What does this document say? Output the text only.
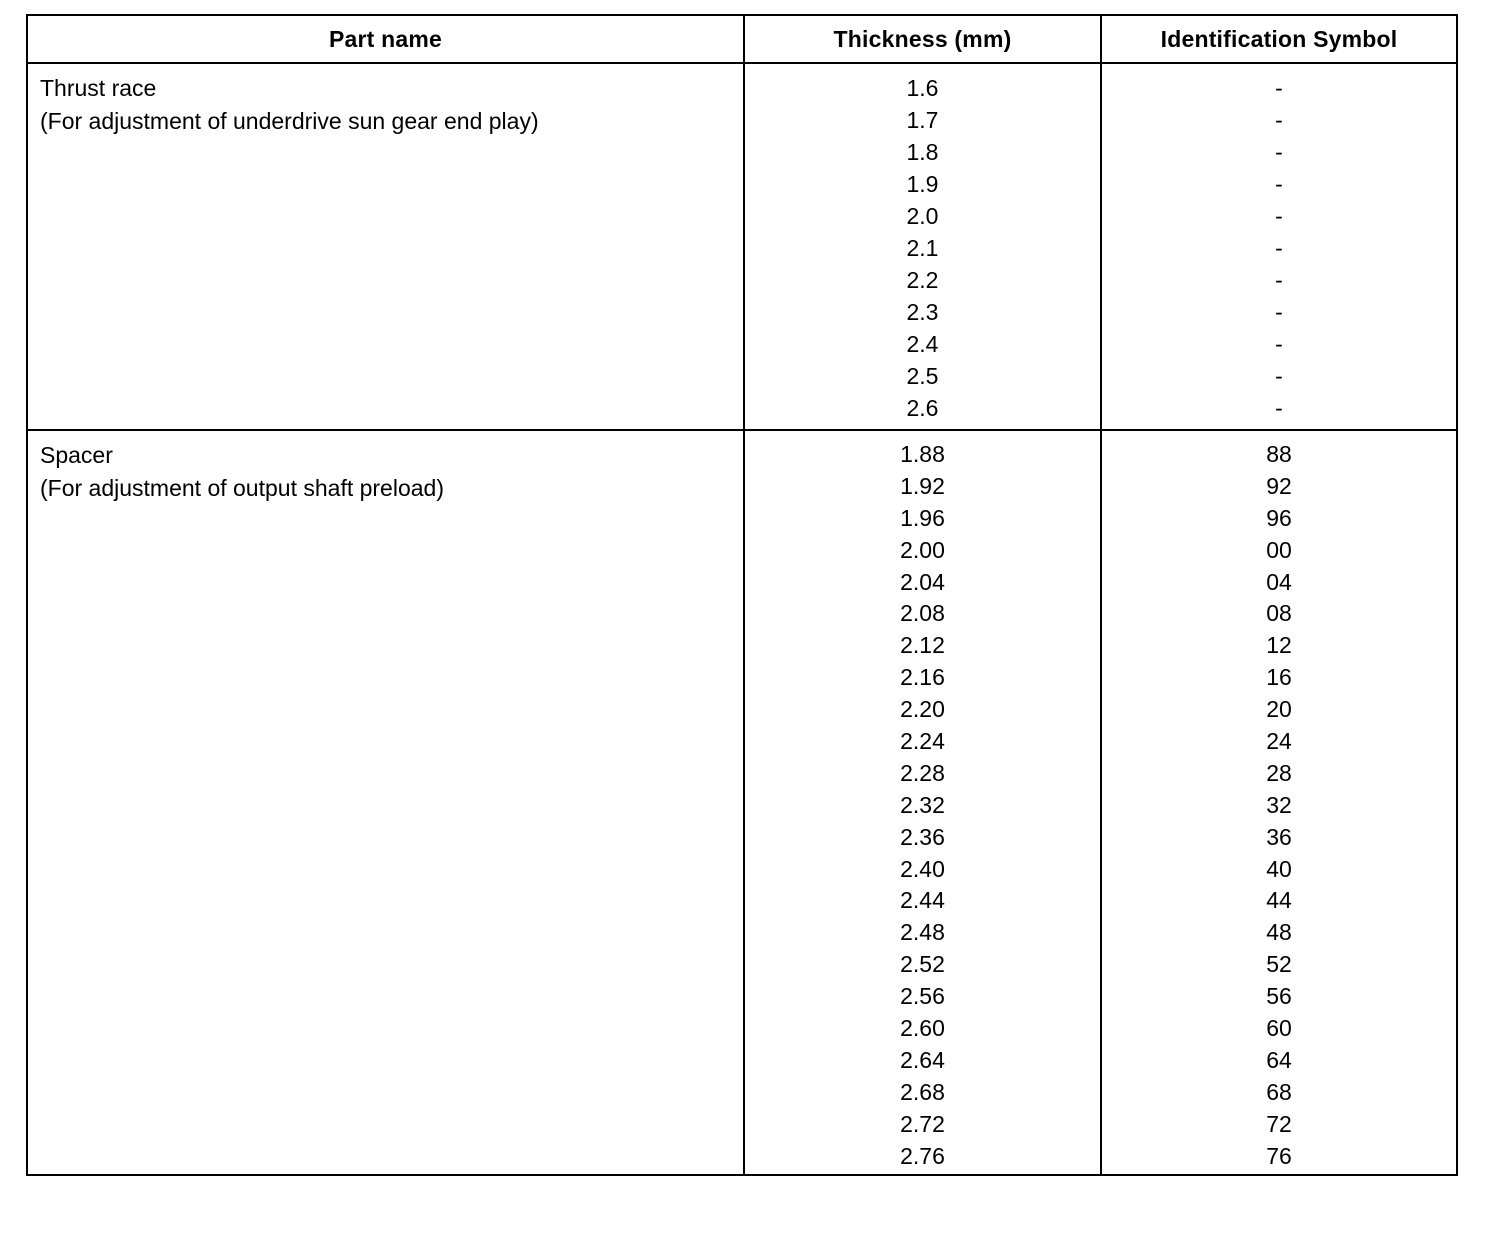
Part name	Thickness (mm)	Identification Symbol
Thrust race
(For adjustment of underdrive sun gear end play)
Spacer
(For adjustment of output shaft preload)
1.6
1.7
1.8
1.9
2.0
2.1
2.2
2.3
2.4
2.5
2.6
-
-
-
-
-
-
-
-
-
-
-
1.88
1.92
1.96
2.00
2.04
2.08
2.12
2.16
2.20
2.24
2.28
2.32
2.36
2.40
2.44
2.48
2.52
2.56
2.60
2.64
2.68
2.72
2.76
88
92
96
00
04
08
12
16
20
24
28
32
36
40
44
48
52
56
60
64
68
72
76
